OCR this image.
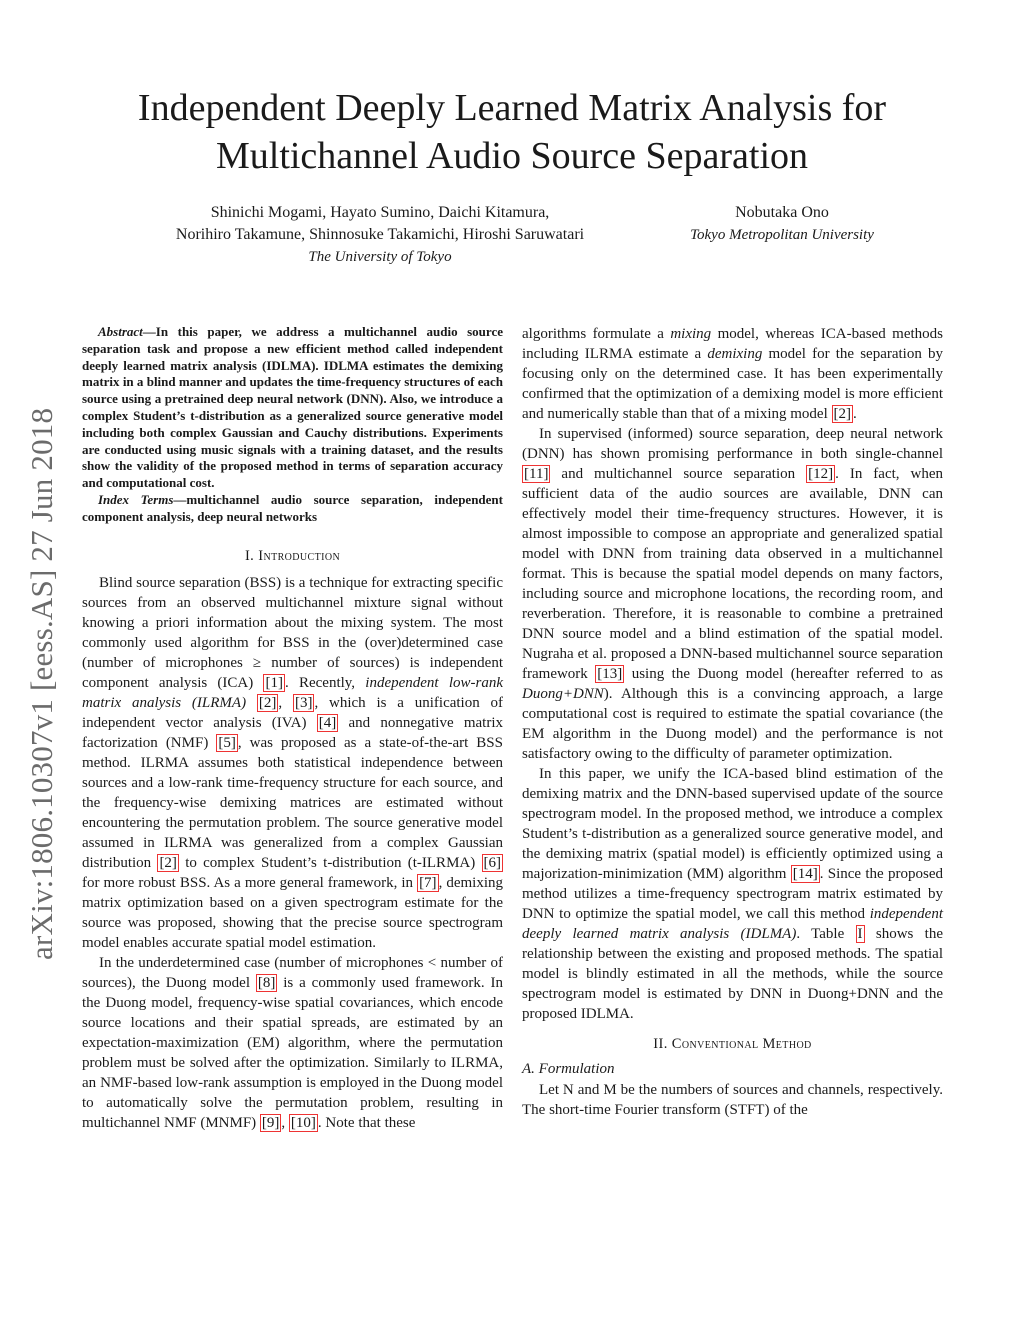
arXiv:1806.10307v1 [eess.AS] 27 Jun 2018
Independent Deeply Learned Matrix Analysis for
Multichannel Audio Source Separation
Shinichi Mogami, Hayato Sumino, Daichi Kitamura,
Norihiro Takamune, Shinnosuke Takamichi, Hiroshi Saruwatari
The University of Tokyo
Nobutaka Ono
Tokyo Metropolitan University

Abstract—In this paper, we address a multichannel audio source separation task and propose a new efficient method called independent deeply learned matrix analysis (IDLMA). IDLMA estimates the demixing matrix in a blind manner and updates the time-frequency structures of each source using a pretrained deep neural network (DNN). Also, we introduce a complex Student’s t-distribution as a generalized source generative model including both complex Gaussian and Cauchy distributions. Experiments are conducted using music signals with a training dataset, and the results show the validity of the proposed method in terms of separation accuracy and computational cost.

Index Terms—multichannel audio source separation, independent component analysis, deep neural networks

I. Introduction

Blind source separation (BSS) is a technique for extracting specific sources from an observed multichannel mixture signal without knowing a priori information about the mixing system. The most commonly used algorithm for BSS in the (over)determined case (number of microphones ≥ number of sources) is independent component analysis (ICA) [1] . Recently, independent low-rank matrix analysis (ILRMA) [2] , [3] , which is a unification of independent vector analysis (IVA) [4] and nonnegative matrix factorization (NMF) [5] , was proposed as a state-of-the-art BSS method. ILRMA assumes both statistical independence between sources and a low-rank time-frequency structure for each source, and the frequency-wise demixing matrices are estimated without encountering the permutation problem. The source generative model assumed in ILRMA was generalized from a complex Gaussian distribution [2] to complex Student’s t-distribution (t-ILRMA) [6] for more robust BSS. As a more general framework, in [7] , demixing matrix optimization based on a given spectrogram estimate for the source was proposed, showing that the precise source spectrogram model enables accurate spatial model estimation.

In the underdetermined case (number of microphones < number of sources), the Duong model [8] is a commonly used framework. In the Duong model, frequency-wise spatial covariances, which encode source locations and their spatial spreads, are estimated by an expectation-maximization (EM) algorithm, where the permutation problem must be solved after the optimization. Similarly to ILRMA, an NMF-based low-rank assumption is employed in the Duong model to automatically solve the permutation problem, resulting in multichannel NMF (MNMF) [9] , [10] . Note that these

algorithms formulate a mixing model, whereas ICA-based methods including ILRMA estimate a demixing model for the separation by focusing only on the determined case. It has been experimentally confirmed that the optimization of a demixing model is more efficient and numerically stable than that of a mixing model [2] .

In supervised (informed) source separation, deep neural network (DNN) has shown promising performance in both single-channel [11] and multichannel source separation [12] . In fact, when sufficient data of the audio sources are available, DNN can effectively model their time-frequency structures. However, it is almost impossible to compose an appropriate and generalized spatial model with DNN from training data observed in a multichannel format. This is because the spatial model depends on many factors, including source and microphone locations, the recording room, and reverberation. Therefore, it is reasonable to combine a pretrained DNN source model and a blind estimation of the spatial model. Nugraha et al. proposed a DNN-based multichannel source separation framework [13] using the Duong model (hereafter referred to as Duong+DNN). Although this is a convincing approach, a large computational cost is required to estimate the spatial covariance (the EM algorithm in the Duong model) and the performance is not satisfactory owing to the difficulty of parameter optimization.

In this paper, we unify the ICA-based blind estimation of the demixing matrix and the DNN-based supervised update of the source spectrogram model. In the proposed method, we introduce a complex Student’s t-distribution as a generalized source generative model, and the demixing matrix (spatial model) is efficiently optimized using a majorization-minimization (MM) algorithm [14] . Since the proposed method utilizes a time-frequency spectrogram matrix estimated by DNN to optimize the spatial model, we call this method independent deeply learned matrix analysis (IDLMA). Table I shows the relationship between the existing and proposed methods. The spatial model is blindly estimated in all the methods, while the source spectrogram model is estimated by DNN in Duong+DNN and the proposed IDLMA.

II. Conventional Method
A. Formulation

Let N and M be the numbers of sources and channels, respectively. The short-time Fourier transform (STFT) of the
